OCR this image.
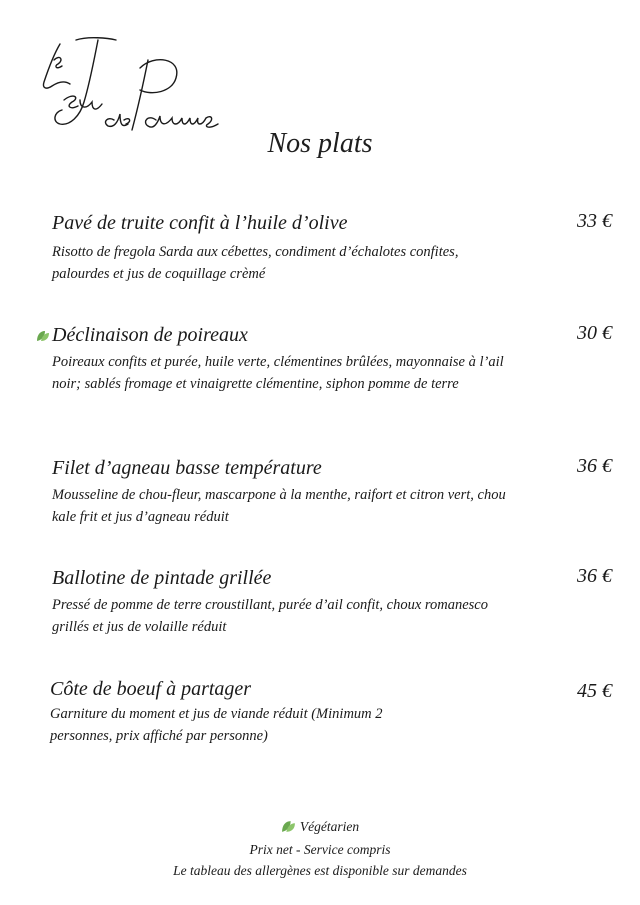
Nos plats
Pavé de truite confit à l’huile d’olive	33 €
Risotto de fregola Sarda aux cébettes, condiment d’échalotes confites, palourdes et jus de coquillage crèmé
Déclinaison de poireaux	30 €
Poireaux confits et purée, huile verte, clémentines brûlées, mayonnaise à l’ail noir; sablés fromage et vinaigrette clémentine, siphon pomme de terre
Filet d’agneau basse température	36 €
Mousseline de chou-fleur, mascarpone à la menthe, raifort et citron vert, chou kale frit et jus d’agneau réduit
Ballotine de pintade grillée	36 €
Pressé de pomme de terre croustillant, purée d’ail confit, choux romanesco grillés et jus de volaille réduit
Côte de boeuf à partager	45 €
Garniture du moment et jus de viande réduit (Minimum 2 personnes, prix affiché par personne)
Végétarien
Prix net - Service compris
Le tableau des allergènes est disponible sur demandes
